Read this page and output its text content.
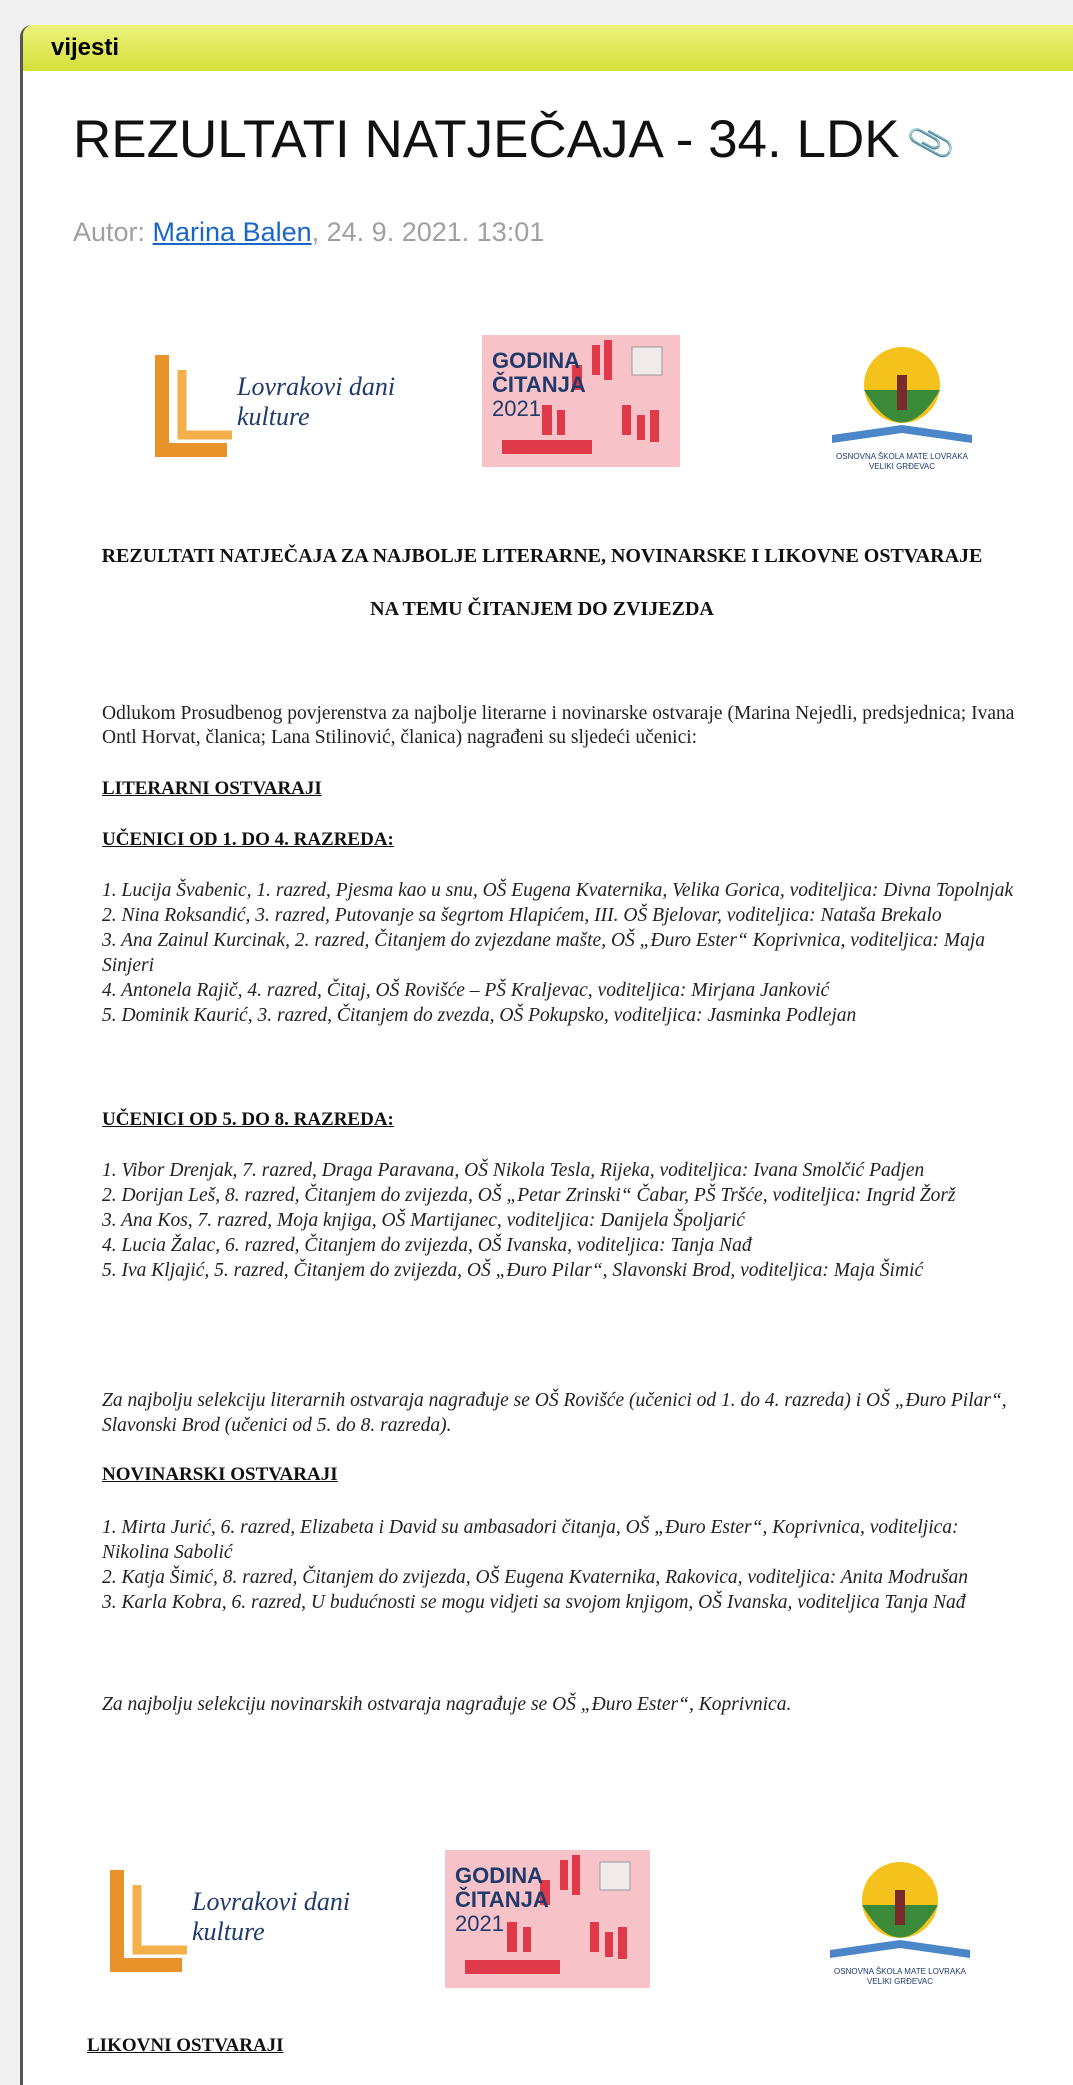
vijesti
REZULTATI NATJEČAJA - 34. LDK 📎
Autor: Marina Balen, 24. 9. 2021. 13:01
Lovrakovi dani
kulture
GODINA
ČITANJA
2021
OSNOVNA ŠKOLA MATE LOVRAKA
VELIKI GRĐEVAC
REZULTATI NATJEČAJA ZA NAJBOLJE LITERARNE, NOVINARSKE I LIKOVNE OSTVARAJE
NA TEMU ČITANJEM DO ZVIJEZDA
Odlukom Prosudbenog povjerenstva za najbolje literarne i novinarske ostvaraje (Marina Nejedli, predsjednica; Ivana Ontl Horvat, članica; Lana Stilinović, članica) nagrađeni su sljedeći učenici:
LITERARNI OSTVARAJI
UČENICI OD 1. DO 4. RAZREDA:
1. Lucija Švabenic, 1. razred, Pjesma kao u snu, OŠ Eugena Kvaternika, Velika Gorica, voditeljica: Divna Topolnjak
2. Nina Roksandić, 3. razred, Putovanje sa šegrtom Hlapićem, III. OŠ Bjelovar, voditeljica: Nataša Brekalo
3. Ana Zainul Kurcinak, 2. razred, Čitanjem do zvjezdane mašte, OŠ „Đuro Ester“ Koprivnica, voditeljica: Maja Sinjeri
4. Antonela Rajič, 4. razred, Čitaj, OŠ Rovišće – PŠ Kraljevac, voditeljica: Mirjana Janković
5. Dominik Kaurić, 3. razred, Čitanjem do zvezda, OŠ Pokupsko, voditeljica: Jasminka Podlejan
UČENICI OD 5. DO 8. RAZREDA:
1. Vibor Drenjak, 7. razred, Draga Paravana, OŠ Nikola Tesla, Rijeka, voditeljica: Ivana Smolčić Padjen
2. Dorijan Leš, 8. razred, Čitanjem do zvijezda, OŠ „Petar Zrinski“ Čabar, PŠ Tršće, voditeljica: Ingrid Žorž
3. Ana Kos, 7. razred, Moja knjiga, OŠ Martijanec, voditeljica: Danijela Špoljarić
4. Lucia Žalac, 6. razred, Čitanjem do zvijezda, OŠ Ivanska, voditeljica: Tanja Nađ
5. Iva Kljajić, 5. razred, Čitanjem do zvijezda, OŠ „Đuro Pilar“, Slavonski Brod, voditeljica: Maja Šimić
Za najbolju selekciju literarnih ostvaraja nagrađuje se OŠ Rovišće (učenici od 1. do 4. razreda) i OŠ „Đuro Pilar“, Slavonski Brod (učenici od 5. do 8. razreda).
NOVINARSKI OSTVARAJI
1. Mirta Jurić, 6. razred, Elizabeta i David su ambasadori čitanja, OŠ „Đuro Ester“, Koprivnica, voditeljica: Nikolina Sabolić
2. Katja Šimić, 8. razred, Čitanjem do zvijezda, OŠ Eugena Kvaternika, Rakovica, voditeljica: Anita Modrušan
3. Karla Kobra, 6. razred, U budućnosti se mogu vidjeti sa svojom knjigom, OŠ Ivanska, voditeljica Tanja Nađ
Za najbolju selekciju novinarskih ostvaraja nagrađuje se OŠ „Đuro Ester“, Koprivnica.
Lovrakovi dani
kulture
GODINA
ČITANJA
2021
OSNOVNA ŠKOLA MATE LOVRAKA
VELIKI GRĐEVAC
LIKOVNI OSTVARAJI
